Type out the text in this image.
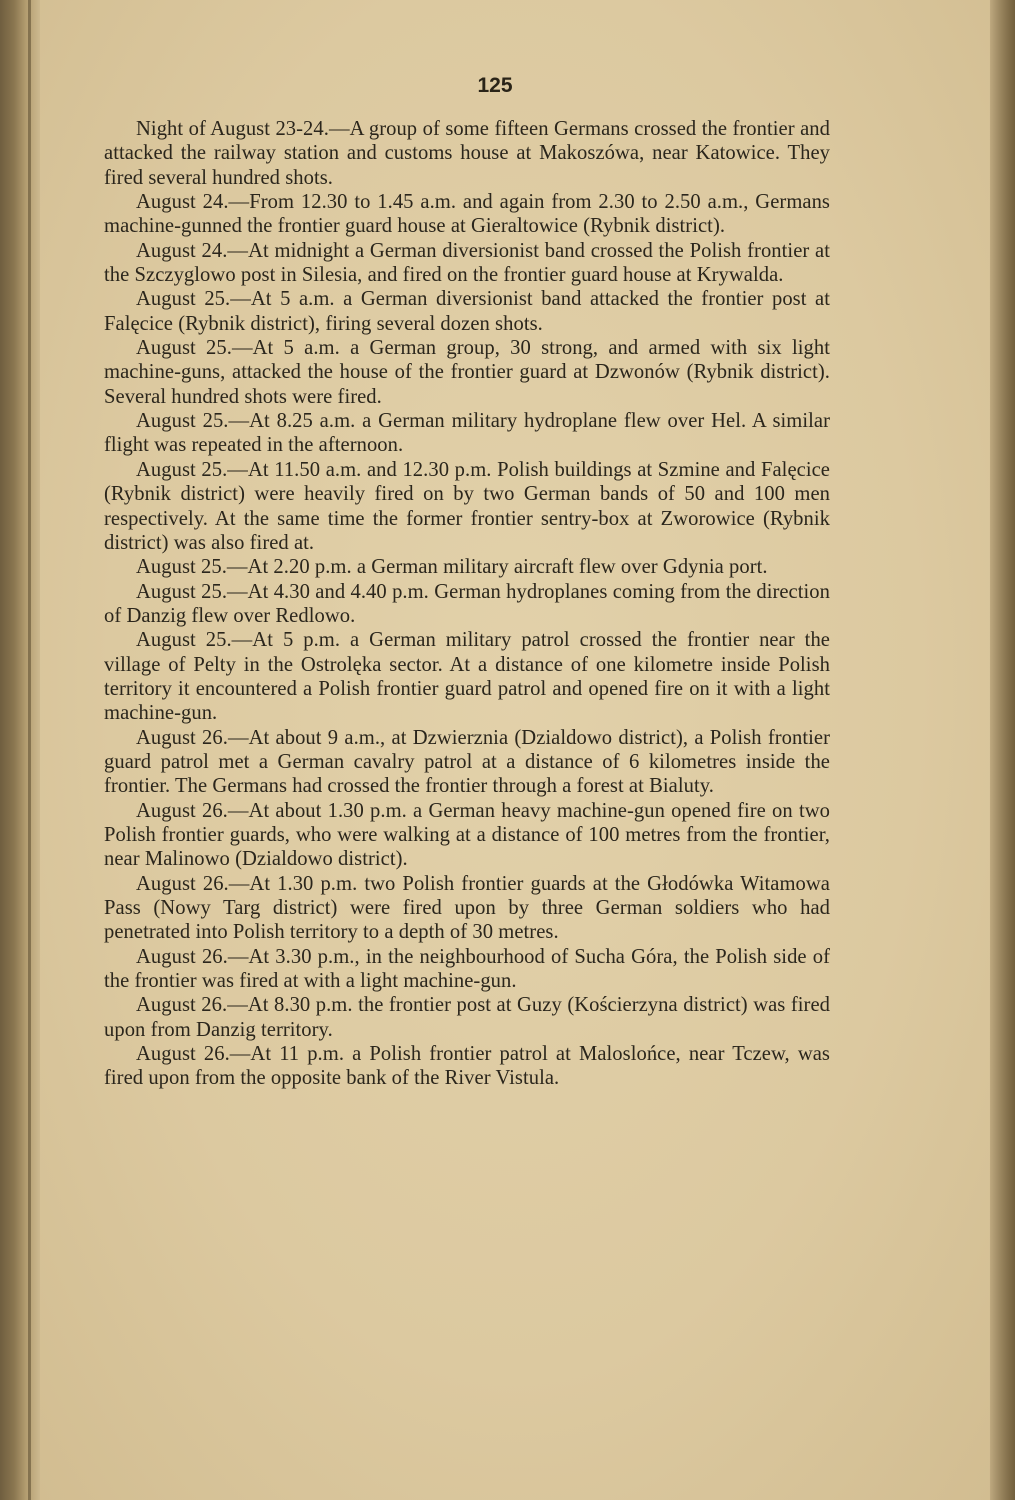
125

Night of August 23-24.—A group of some fifteen Germans crossed the frontier and attacked the railway station and customs house at Makoszówa, near Katowice. They fired several hundred shots.

August 24.—From 12.30 to 1.45 a.m. and again from 2.30 to 2.50 a.m., Germans machine-gunned the frontier guard house at Gieraltowice (Rybnik district).

August 24.—At midnight a German diversionist band crossed the Polish frontier at the Szczyglowo post in Silesia, and fired on the frontier guard house at Krywalda.

August 25.—At 5 a.m. a German diversionist band attacked the frontier post at Falęcice (Rybnik district), firing several dozen shots.

August 25.—At 5 a.m. a German group, 30 strong, and armed with six light machine-guns, attacked the house of the frontier guard at Dzwonów (Rybnik district). Several hundred shots were fired.

August 25.—At 8.25 a.m. a German military hydroplane flew over Hel. A similar flight was repeated in the afternoon.

August 25.—At 11.50 a.m. and 12.30 p.m. Polish buildings at Szmine and Falęcice (Rybnik district) were heavily fired on by two German bands of 50 and 100 men respectively. At the same time the former frontier sentry-box at Zworowice (Rybnik district) was also fired at.

August 25.—At 2.20 p.m. a German military aircraft flew over Gdynia port.

August 25.—At 4.30 and 4.40 p.m. German hydroplanes coming from the direction of Danzig flew over Redlowo.

August 25.—At 5 p.m. a German military patrol crossed the frontier near the village of Pelty in the Ostrolęka sector. At a distance of one kilometre inside Polish territory it encountered a Polish frontier guard patrol and opened fire on it with a light machine-gun.

August 26.—At about 9 a.m., at Dzwierznia (Dzialdowo district), a Polish frontier guard patrol met a German cavalry patrol at a distance of 6 kilometres inside the frontier. The Germans had crossed the frontier through a forest at Bialuty.

August 26.—At about 1.30 p.m. a German heavy machine-gun opened fire on two Polish frontier guards, who were walking at a distance of 100 metres from the frontier, near Malinowo (Dzialdowo district).

August 26.—At 1.30 p.m. two Polish frontier guards at the Głodówka Witamowa Pass (Nowy Targ district) were fired upon by three German soldiers who had penetrated into Polish territory to a depth of 30 metres.

August 26.—At 3.30 p.m., in the neighbourhood of Sucha Góra, the Polish side of the frontier was fired at with a light machine-gun.

August 26.—At 8.30 p.m. the frontier post at Guzy (Kościerzyna district) was fired upon from Danzig territory.

August 26.—At 11 p.m. a Polish frontier patrol at Maloslońce, near Tczew, was fired upon from the opposite bank of the River Vistula.
